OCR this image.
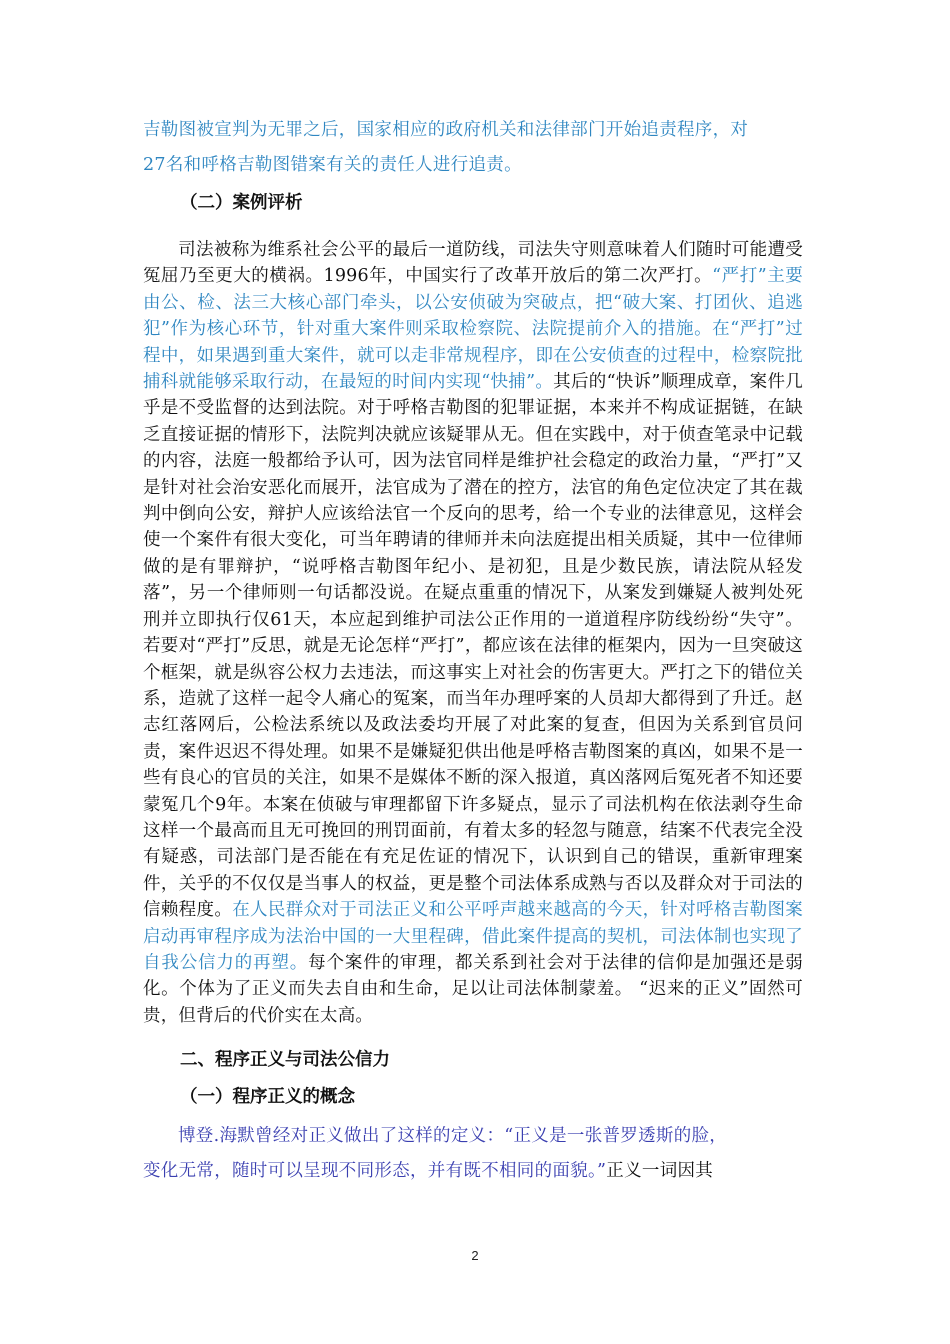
吉勒图被宣判为无罪之后，国家相应的政府机关和法律部门开始追责程序，对
27名和呼格吉勒图错案有关的责任人进行追责。
（二）案例评析
司法被称为维系社会公平的最后一道防线，司法失守则意味着人们随时可能遭受冤屈乃至更大的横祸。1996年，中国实行了改革开放后的第二次严打。“严打”主要由公、检、法三大核心部门牵头，以公安侦破为突破点，把“破大案、打团伙、追逃犯”作为核心环节，针对重大案件则采取检察院、法院提前介入的措施。在“严打”过程中，如果遇到重大案件，就可以走非常规程序，即在公安侦查的过程中，检察院批捕科就能够采取行动，在最短的时间内实现“快捕”。其后的“快诉”顺理成章，案件几乎是不受监督的达到法院。对于呼格吉勒图的犯罪证据，本来并不构成证据链，在缺乏直接证据的情形下，法院判决就应该疑罪从无。但在实践中，对于侦查笔录中记载的内容，法庭一般都给予认可，因为法官同样是维护社会稳定的政治力量，“严打”又是针对社会治安恶化而展开，法官成为了潜在的控方，法官的角色定位决定了其在裁判中倒向公安，辩护人应该给法官一个反向的思考，给一个专业的法律意见，这样会使一个案件有很大变化，可当年聘请的律师并未向法庭提出相关质疑，其中一位律师做的是有罪辩护，“说呼格吉勒图年纪小、是初犯，且是少数民族，请法院从轻发落”，另一个律师则一句话都没说。在疑点重重的情况下，从案发到嫌疑人被判处死刑并立即执行仅61天，本应起到维护司法公正作用的一道道程序防线纷纷“失守”。若要对“严打”反思，就是无论怎样“严打”，都应该在法律的框架内，因为一旦突破这个框架，就是纵容公权力去违法，而这事实上对社会的伤害更大。严打之下的错位关系，造就了这样一起令人痛心的冤案，而当年办理呼案的人员却大都得到了升迁。赵志红落网后，公检法系统以及政法委均开展了对此案的复查，但因为关系到官员问责，案件迟迟不得处理。如果不是嫌疑犯供出他是呼格吉勒图案的真凶，如果不是一些有良心的官员的关注，如果不是媒体不断的深入报道，真凶落网后冤死者不知还要蒙冤几个9年。本案在侦破与审理都留下许多疑点，显示了司法机构在依法剥夺生命这样一个最高而且无可挽回的刑罚面前，有着太多的轻忽与随意，结案不代表完全没有疑惑，司法部门是否能在有充足佐证的情况下，认识到自己的错误，重新审理案件，关乎的不仅仅是当事人的权益，更是整个司法体系成熟与否以及群众对于司法的信赖程度。在人民群众对于司法正义和公平呼声越来越高的今天，针对呼格吉勒图案启动再审程序成为法治中国的一大里程碑，借此案件提高的契机，司法体制也实现了自我公信力的再塑。每个案件的审理，都关系到社会对于法律的信仰是加强还是弱化。个体为了正义而失去自由和生命，足以让司法体制蒙羞。 “迟来的正义”固然可贵，但背后的代价实在太高。
二、程序正义与司法公信力
（一）程序正义的概念
博登.海默曾经对正义做出了这样的定义：“正义是一张普罗透斯的脸，
变化无常，随时可以呈现不同形态，并有既不相同的面貌。”正义一词因其
2
